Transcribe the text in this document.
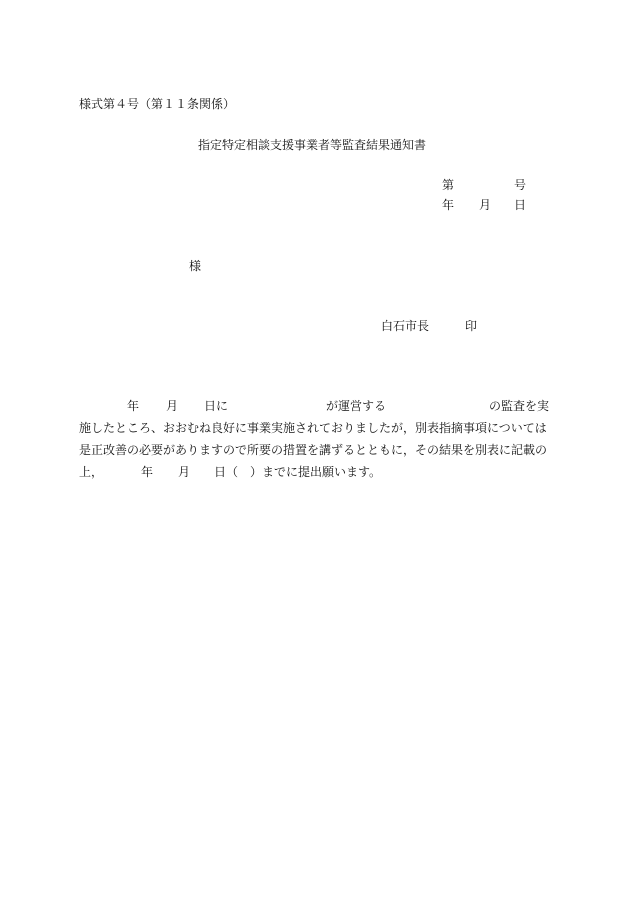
様式第４号（第１１条関係）
指定特定相談支援事業者等監査結果通知書
第	号
年 月 日
様
白石市長	印
年 月 日に	が運営する	の監査を実
施したところ、おおむね良好に事業実施されておりましたが，別表指摘事項については
是正改善の必要がありますので所要の措置を講ずるとともに，その結果を別表に記載の
上，	年 月 日（　）までに提出願います。
